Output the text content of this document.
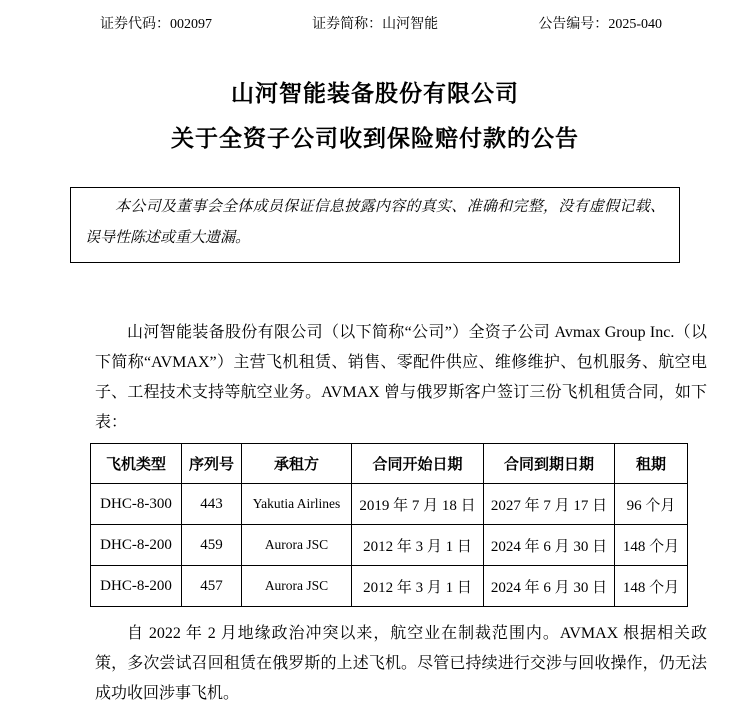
证券代码：002097	证券简称：山河智能	公告编号：2025-040
山河智能装备股份有限公司
关于全资子公司收到保险赔付款的公告

本公司及董事会全体成员保证信息披露内容的真实、准确和完整，没有虚假记载、误导性陈述或重大遗漏。

山河智能装备股份有限公司（以下简称“公司”）全资子公司 Avmax Group Inc.（以下简称“AVMAX”）主营飞机租赁、销售、零配件供应、维修维护、包机服务、航空电子、工程技术支持等航空业务。AVMAX 曾与俄罗斯客户签订三份飞机租赁合同，如下表：

飞机类型	序列号	承租方	合同开始日期	合同到期日期	租期
DHC-8-300	443	Yakutia Airlines	2019 年 7 月 18 日	2027 年 7 月 17 日	96 个月
DHC-8-200	459	Aurora JSC	2012 年 3 月 1 日	2024 年 6 月 30 日	148 个月
DHC-8-200	457	Aurora JSC	2012 年 3 月 1 日	2024 年 6 月 30 日	148 个月

自 2022 年 2 月地缘政治冲突以来，航空业在制裁范围内。AVMAX 根据相关政策，多次尝试召回租赁在俄罗斯的上述飞机。尽管已持续进行交涉与回收操作，仍无法成功收回涉事飞机。
